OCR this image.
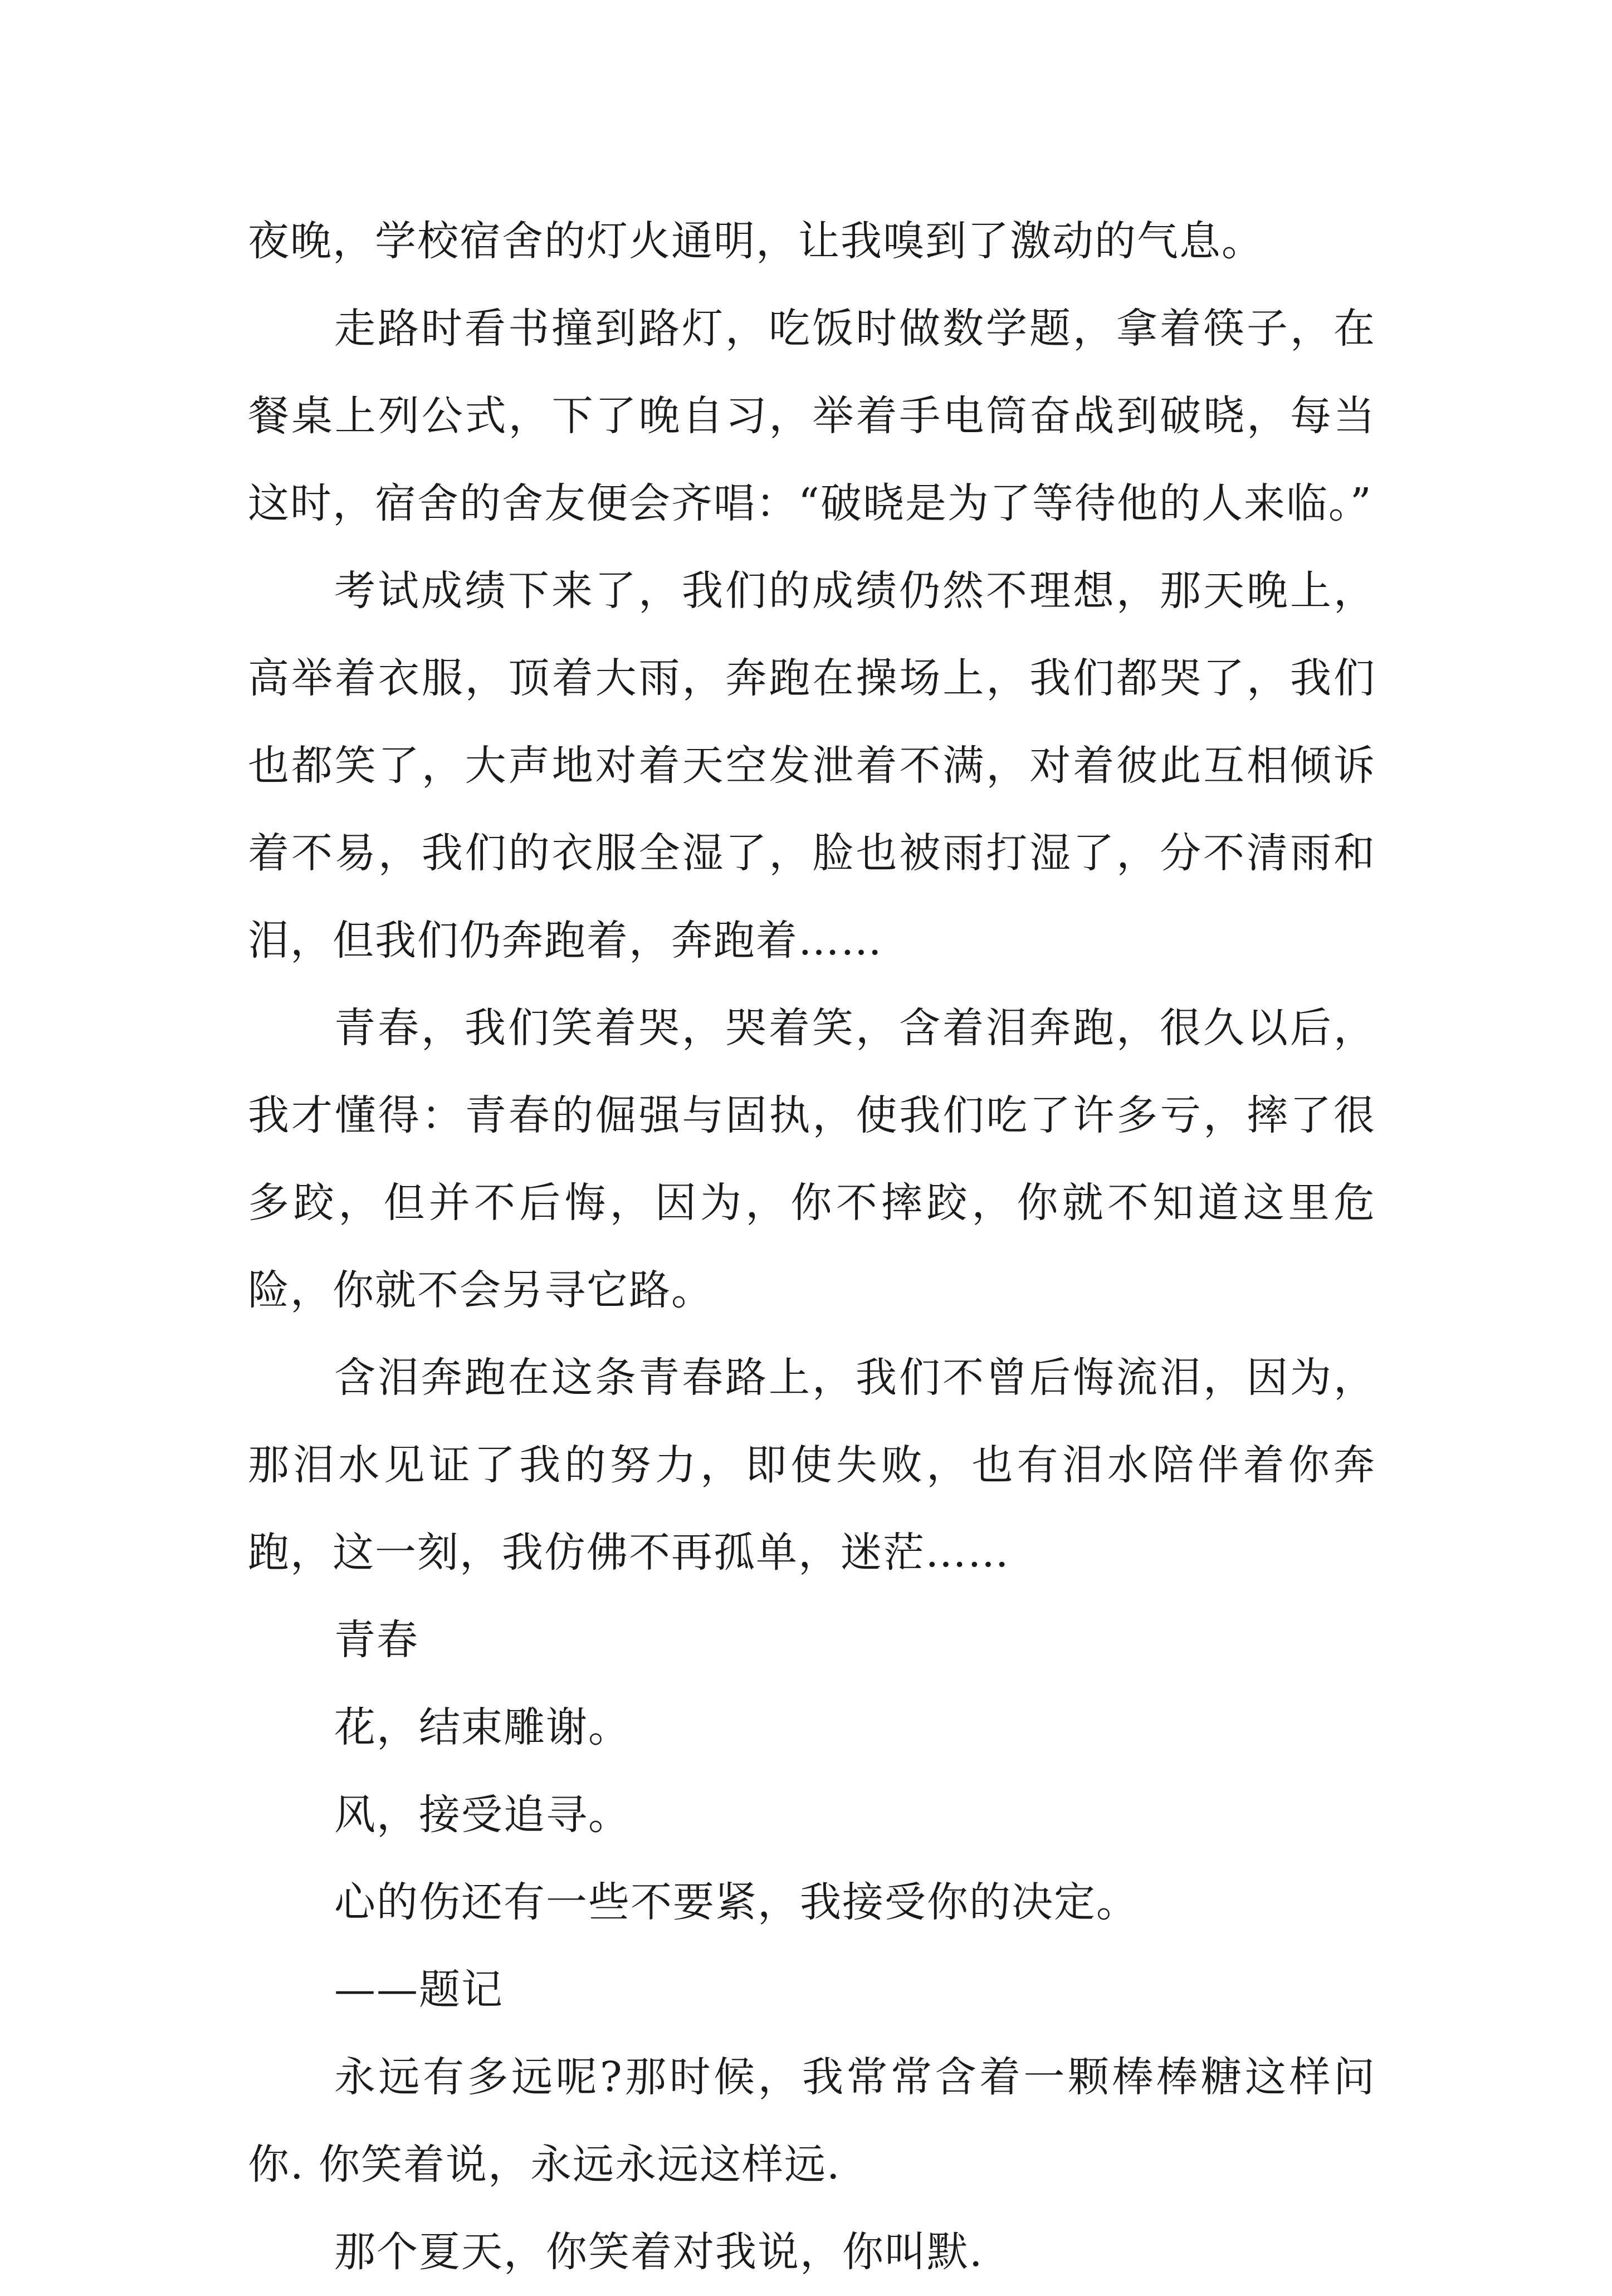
夜晚，学校宿舍的灯火通明，让我嗅到了激动的气息。

走路时看书撞到路灯，吃饭时做数学题，拿着筷子，在餐桌上列公式，下了晚自习，举着手电筒奋战到破晓，每当这时，宿舍的舍友便会齐唱：“破晓是为了等待他的人来临。”

考试成绩下来了，我们的成绩仍然不理想，那天晚上，高举着衣服，顶着大雨，奔跑在操场上，我们都哭了，我们也都笑了，大声地对着天空发泄着不满，对着彼此互相倾诉着不易，我们的衣服全湿了，脸也被雨打湿了，分不清雨和泪，但我们仍奔跑着，奔跑着……

青春，我们笑着哭，哭着笑，含着泪奔跑，很久以后，我才懂得：青春的倔强与固执，使我们吃了许多亏，摔了很多跤，但并不后悔，因为，你不摔跤，你就不知道这里危险，你就不会另寻它路。

含泪奔跑在这条青春路上，我们不曾后悔流泪，因为，那泪水见证了我的努力，即使失败，也有泪水陪伴着你奔跑，这一刻，我仿佛不再孤单，迷茫……

青春

花，结束雕谢。

风，接受追寻。

心的伤还有一些不要紧，我接受你的决定。

——题记

永远有多远呢?那时候，我常常含着一颗棒棒糖这样问你. 你笑着说，永远永远这样远.

那个夏天，你笑着对我说，你叫默.
